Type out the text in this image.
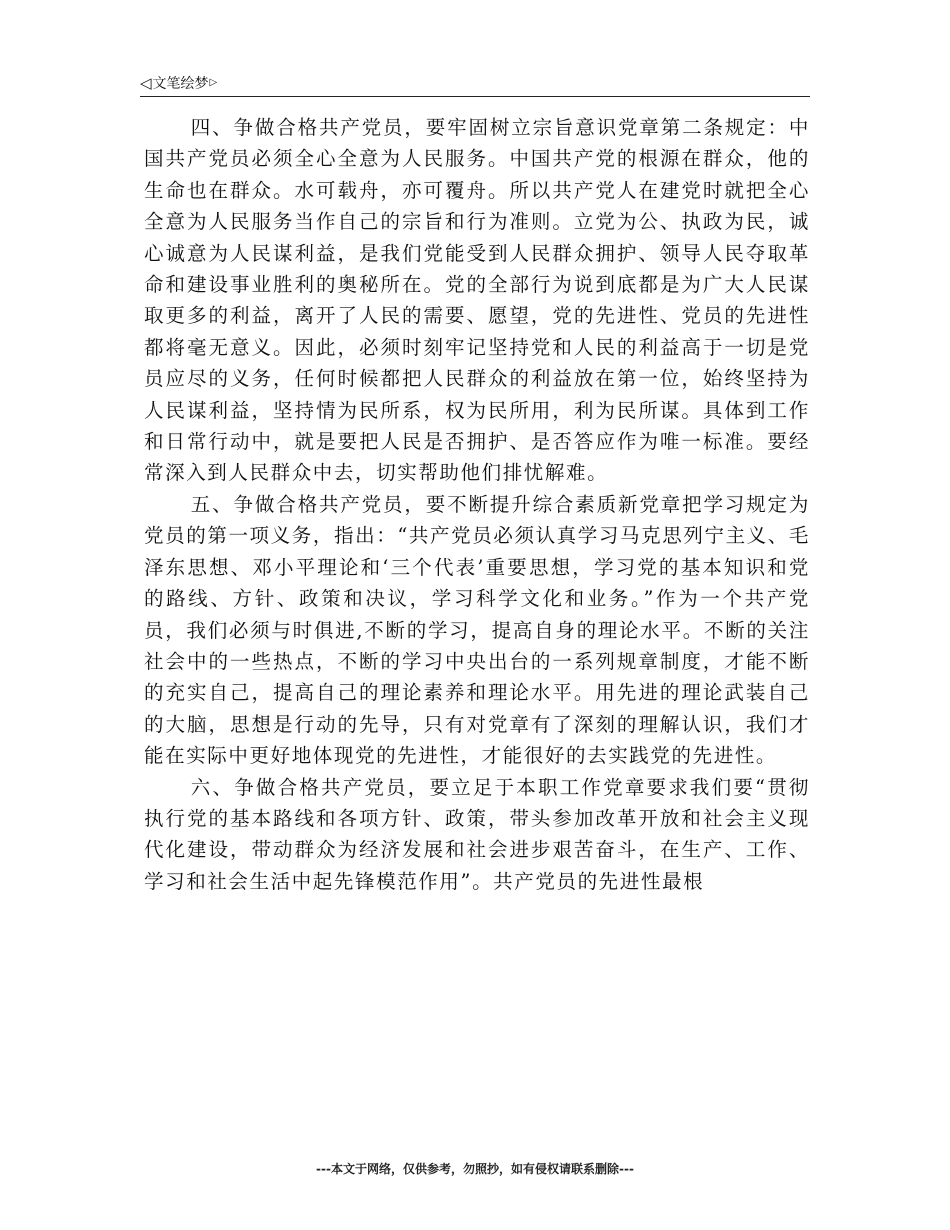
◁文笔绘梦▷

四、争做合格共产党员，要牢固树立宗旨意识党章第二条规定：中国共产党员必须全心全意为人民服务。中国共产党的根源在群众，他的生命也在群众。水可载舟，亦可覆舟。所以共产党人在建党时就把全心全意为人民服务当作自己的宗旨和行为准则。立党为公、执政为民，诚心诚意为人民谋利益，是我们党能受到人民群众拥护、领导人民夺取革命和建设事业胜利的奥秘所在。党的全部行为说到底都是为广大人民谋取更多的利益，离开了人民的需要、愿望，党的先进性、党员的先进性都将毫无意义。因此，必须时刻牢记坚持党和人民的利益高于一切是党员应尽的义务，任何时候都把人民群众的利益放在第一位，始终坚持为人民谋利益，坚持情为民所系，权为民所用，利为民所谋。具体到工作和日常行动中，就是要把人民是否拥护、是否答应作为唯一标准。要经常深入到人民群众中去，切实帮助他们排忧解难。

五、争做合格共产党员，要不断提升综合素质新党章把学习规定为党员的第一项义务，指出：“共产党员必须认真学习马克思列宁主义、毛泽东思想、邓小平理论和‘三个代表’重要思想，学习党的基本知识和党的路线、方针、政策和决议，学习科学文化和业务。”作为一个共产党员，我们必须与时俱进,不断的学习，提高自身的理论水平。不断的关注社会中的一些热点，不断的学习中央出台的一系列规章制度，才能不断的充实自己，提高自己的理论素养和理论水平。用先进的理论武装自己的大脑，思想是行动的先导，只有对党章有了深刻的理解认识，我们才能在实际中更好地体现党的先进性，才能很好的去实践党的先进性。

六、争做合格共产党员，要立足于本职工作党章要求我们要“贯彻执行党的基本路线和各项方针、政策，带头参加改革开放和社会主义现代化建设，带动群众为经济发展和社会进步艰苦奋斗，在生产、工作、学习和社会生活中起先锋模范作用”。共产党员的先进性最根

---本文于网络，仅供参考，勿照抄，如有侵权请联系删除---
